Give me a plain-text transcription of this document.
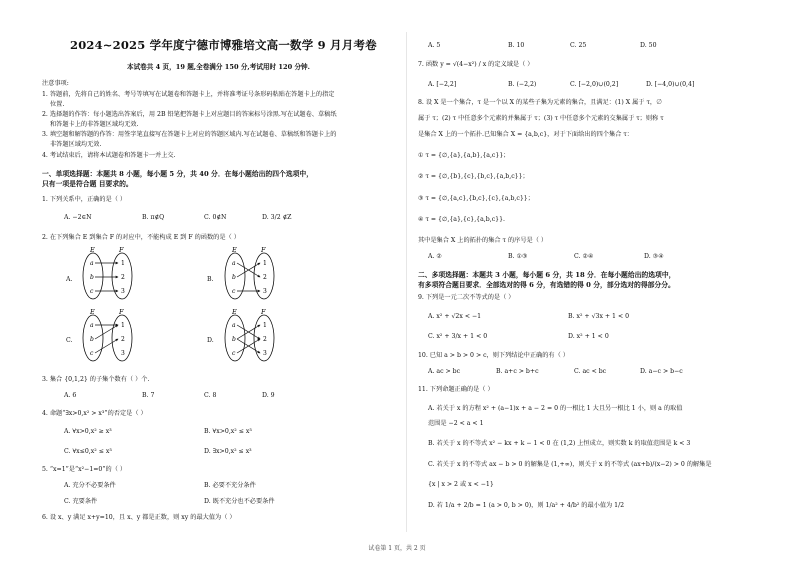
2024~2025 学年度宁德市博雅培文高一数学 9 月月考卷
本试卷共 4 页，19 题,全卷满分 150 分,考试用时 120 分钟.
注意事项:
1. 答题前，先将自己的姓名、考号等填写在试题卷和答题卡上，并将准考证号条形码粘贴在答题卡上的指定
位置.
2. 选择题的作答：每小题选出答案后，用 2B 铅笔把答题卡上对应题目的答案标号涂黑.写在试题卷、草稿纸
和答题卡上的非答题区域均无效.
3. 填空题和解答题的作答：用签字笔直接写在答题卡上对应的答题区域内.写在试题卷、草稿纸和答题卡上的
非答题区域均无效.
4. 考试结束后，请将本试题卷和答题卡一并上交.
一、单项选择题：本题共 8 小题，每小题 5 分，共 40 分．在每小题给出的四个选项中，
只有一项是符合题 目要求的。
1. 下列关系中，正确的是（ ）
A. −2∈N	B. π∉Q	C. 0∉N	D. 3/2 ∉Z
2. 在下列集合 E 到集合 F 的对应中，不能构成 E 到 F 的函数的是（ ）
A.	B.
C.	D.
E	F
a
b
c
1
2
3
E	F
a
b
c
1
2
3
E	F
a
b
c
1
2
3
E	F
a
b
c
1
2
3
3. 集合 {0,1,2} 的子集个数有（ ）个.
A. 6	B. 7	C. 8	D. 9
4. 命题“∃x>0,x² > x³”的否定是（ ）
A. ∀x>0,x² ≥ x³	B. ∀x>0,x² ≤ x³
C. ∀x≤0,x² ≤ x³	D. ∃x>0,x² ≤ x³
5. “x=1”是“x²−1=0”的（ ）
A. 充分不必要条件	B. 必要不充分条件
C. 充要条件	D. 既不充分也不必要条件
6. 设 x、y 满足 x+y=10，且 x、y 都是正数，则 xy 的最大值为（ ）
A. 5	B. 10	C. 25	D. 50
7. 函数 y = √(4−x²) / x 的定义域是（ ）
A. [−2,2]	B. (−2,2)	C. [−2,0)∪(0,2]	D. [−4,0)∪(0,4]
8. 设 X 是一个集合，τ 是一个以 X 的某些子集为元素的集合，且满足：(1) X 属于 τ，∅
属于 τ；(2) τ 中任意多个元素的并集属于 τ；(3) τ 中任意多个元素的交集属于 τ；则称 τ
是集合 X 上的一个拓扑.已知集合 X = {a,b,c}，对于下面给出的四个集合 τ：
① τ = {∅,{a},{a,b},{a,c}}；
② τ = {∅,{b},{c},{b,c},{a,b,c}}；
③ τ = {∅,{a,c},{b,c},{c},{a,b,c}}；
④ τ = {∅,{a},{c},{a,b,c}}.
其中是集合 X 上的拓扑的集合 τ 的序号是（ ）
A. ②	B. ①③	C. ②④	D. ③④
二、多项选择题：本题共 3 小题，每小题 6 分，共 18 分．在每小题给出的选项中，
有多项符合题目要求．全部选对的得 6 分，有选错的得 0 分，部分选对的得部分分。
9. 下列是一元二次不等式的是（ ）
A. x² + √2x < −1	B. x² + √3x + 1 < 0
C. x² + 3/x + 1 < 0	D. x² + 1 < 0
10. 已知 a > b > 0 > c，则下列结论中正确的有（ ）
A. ac > bc	B. a+c > b+c	C. ac < bc	D. a−c > b−c
11. 下列命题正确的是（ ）
A. 若关于 x 的方程 x² + (a−1)x + a − 2 = 0 的一根比 1 大且另一根比 1 小，则 a 的取值
范围是 −2 < a < 1
B. 若关于 x 的不等式 x² − kx + k − 1 < 0 在 (1,2) 上恒成立，则实数 k 的取值范围是 k < 3
C. 若关于 x 的不等式 ax − b > 0 的解集是 (1,+∞)，则关于 x 的不等式 (ax+b)/(x−2) > 0 的解集是
{x | x > 2 或 x < −1}
D. 若 1/a + 2/b = 1 (a > 0, b > 0)，则 1/a² + 4/b² 的最小值为 1/2
试卷第 1 页，共 2 页
